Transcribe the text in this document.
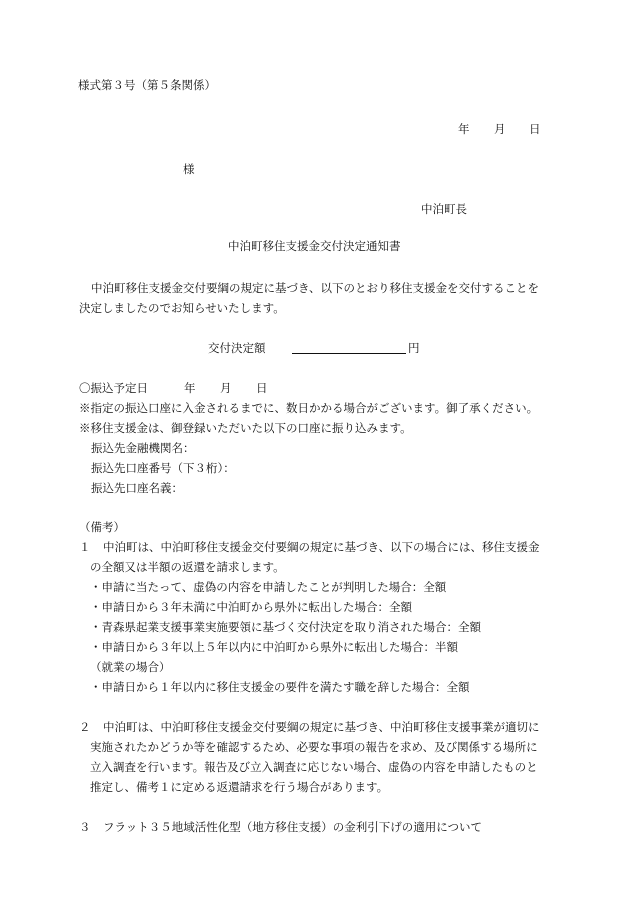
様式第３号（第５条関係）
年 月 日
様
中泊町長
中泊町移住支援金交付決定通知書
中泊町移住支援金交付要綱の規定に基づき、以下のとおり移住支援金を交付することを
決定しましたのでお知らせいたします。
交付決定額	円
〇振込予定日	年 月 日
※指定の振込口座に入金されるまでに、数日かかる場合がございます。御了承ください。
※移住支援金は、御登録いただいた以下の口座に振り込みます。
振込先金融機関名：
振込先口座番号（下３桁）：
振込先口座名義：
（備考）
１ 中泊町は、中泊町移住支援金交付要綱の規定に基づき、以下の場合には、移住支援金
の全額又は半額の返還を請求します。
・申請に当たって、虚偽の内容を申請したことが判明した場合：全額
・申請日から３年未満に中泊町から県外に転出した場合：全額
・青森県起業支援事業実施要領に基づく交付決定を取り消された場合：全額
・申請日から３年以上５年以内に中泊町から県外に転出した場合：半額
（就業の場合）
・申請日から１年以内に移住支援金の要件を満たす職を辞した場合：全額
２ 中泊町は、中泊町移住支援金交付要綱の規定に基づき、中泊町移住支援事業が適切に
実施されたかどうか等を確認するため、必要な事項の報告を求め、及び関係する場所に
立入調査を行います。報告及び立入調査に応じない場合、虚偽の内容を申請したものと
推定し、備考１に定める返還請求を行う場合があります。
３ フラット３５地域活性化型（地方移住支援）の金利引下げの適用について
